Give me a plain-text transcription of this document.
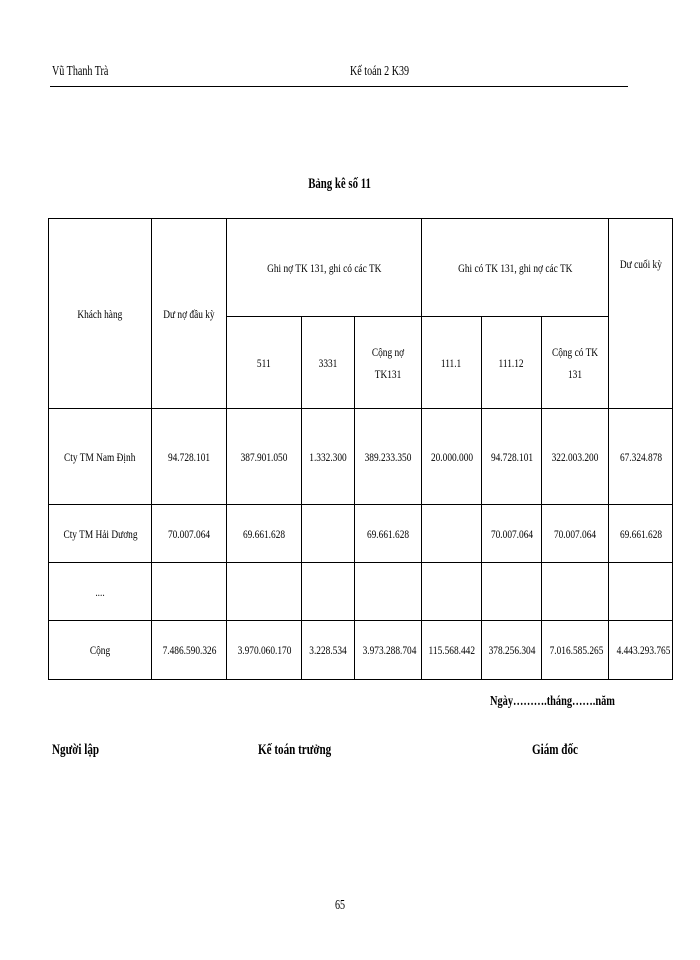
Vũ Thanh Trà	Kế toán 2 K39
Bảng kê số 11
Khách hàng	Dư nợ đầu kỳ	Ghi nợ TK 131, ghi có các TK			Ghi có TK 131, ghi nợ các TK			Dư cuối kỳ
		511	3331	Cộng nợ TK131	111.1	111.12	Cộng có TK 131	
Cty TM Nam Định	94.728.101	387.901.050	1.332.300	389.233.350	20.000.000	94.728.101	322.003.200	67.324.878
Cty TM Hải Dương	70.007.064	69.661.628		69.661.628		70.007.064	70.007.064	69.661.628
....								
Cộng	7.486.590.326	3.970.060.170	3.228.534	3.973.288.704	115.568.442	378.256.304	7.016.585.265	4.443.293.765
Ngày……….tháng…….năm
Người lập	Kế toán trưởng	Giám đốc
65
